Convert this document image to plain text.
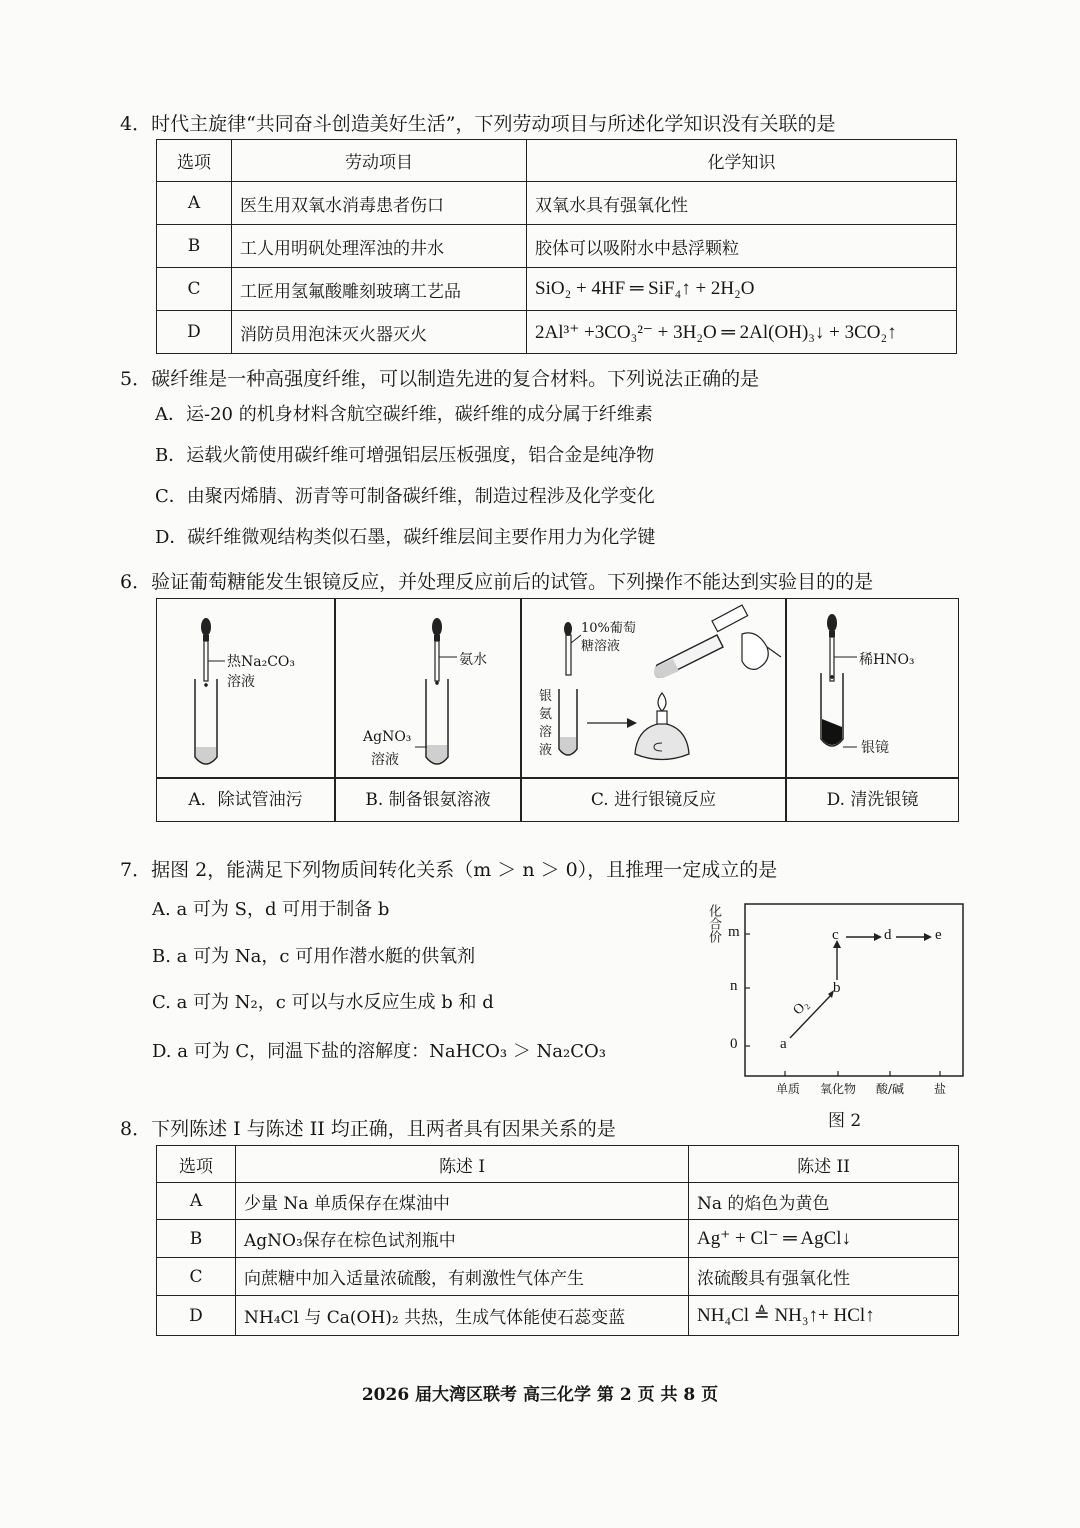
4．时代主旋律“共同奋斗创造美好生活”，下列劳动项目与所述化学知识没有关联的是
选项	劳动项目	化学知识
A	医生用双氧水消毒患者伤口	双氧水具有强氧化性
B	工人用明矾处理浑浊的井水	胶体可以吸附水中悬浮颗粒
C	工匠用氢氟酸雕刻玻璃工艺品	SiO₂ + 4HF ═ SiF₄↑ + 2H₂O
D	消防员用泡沫灭火器灭火	2Al³⁺ +3CO₃²⁻ + 3H₂O ═ 2Al(OH)₃↓ + 3CO₂↑
5．碳纤维是一种高强度纤维，可以制造先进的复合材料。下列说法正确的是
A．运-20 的机身材料含航空碳纤维，碳纤维的成分属于纤维素
B．运载火箭使用碳纤维可增强铝层压板强度，铝合金是纯净物
C．由聚丙烯腈、沥青等可制备碳纤维，制造过程涉及化学变化
D．碳纤维微观结构类似石墨，碳纤维层间主要作用力为化学键
6．验证葡萄糖能发生银镜反应，并处理反应前后的试管。下列操作不能达到实验目的的是
热Na₂CO₃
溶液
氨水
AgNO₃
溶液
10%葡萄
糖溶液
银
氨
溶
液
稀HNO₃
银镜
A．除试管油污	B. 制备银氨溶液	C. 进行银镜反应	D. 清洗银镜
7．据图 2，能满足下列物质间转化关系（m ＞ n ＞ 0），且推理一定成立的是
A. a 可为 S，d 可用于制备 b
B. a 可为 Na，c 可用作潜水艇的供氧剂
C. a 可为 N₂，c 可以与水反应生成 b 和 d
D. a 可为 C，同温下盐的溶解度：NaHCO₃ ＞ Na₂CO₃
化合价 m
n
0
单质 氧化物 酸/碱 盐
a
b
c	d	e
O₂
图 2
8．下列陈述 I 与陈述 II 均正确，且两者具有因果关系的是
选项	陈述 I	陈述 II
A	少量 Na 单质保存在煤油中	Na 的焰色为黄色
B	AgNO₃保存在棕色试剂瓶中	Ag⁺ + Cl⁻ ═ AgCl↓
C	向蔗糖中加入适量浓硫酸，有刺激性气体产生	浓硫酸具有强氧化性
D	NH₄Cl 与 Ca(OH)₂ 共热，生成气体能使石蕊变蓝	NH₄Cl ≜ NH₃↑+ HCl↑
2026 届大湾区联考 高三化学 第 2 页 共 8 页
